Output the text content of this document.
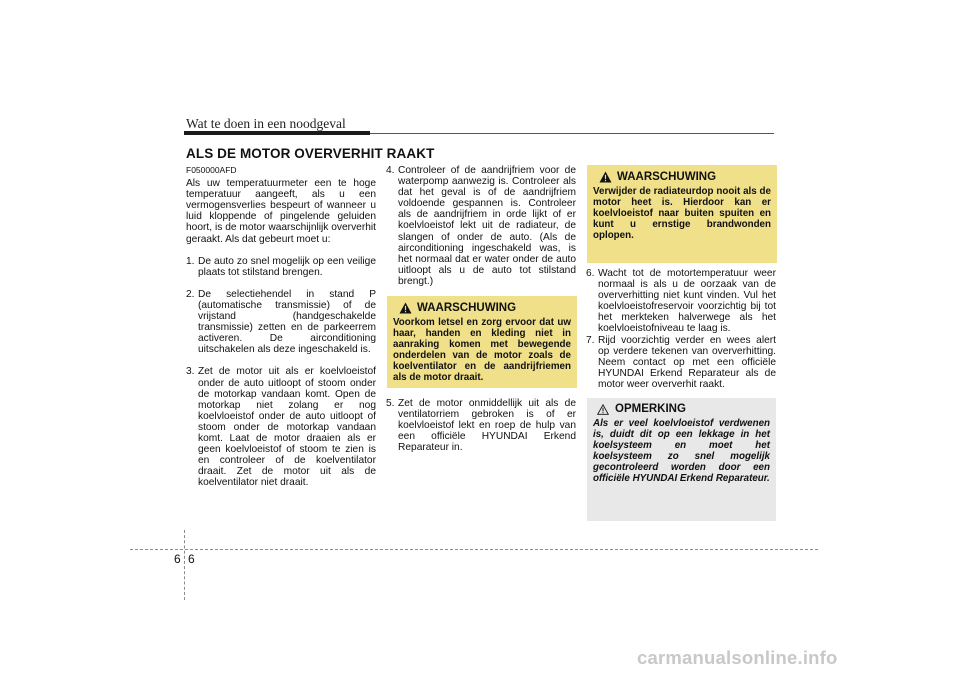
Wat te doen in een noodgeval
ALS DE MOTOR OVERVERHIT RAAKT
F050000AFD

Als uw temperatuurmeter een te hoge temperatuur aangeeft, als u een vermogensverlies bespeurt of wanneer u luid kloppende of pingelende geluiden hoort, is de motor waarschijnlijk oververhit geraakt. Als dat gebeurt moet u:

1. De auto zo snel mogelijk op een veilige plaats tot stilstand brengen.
2. De selectiehendel in stand P (automatische transmissie) of de vrijstand (handgeschakelde transmissie) zetten en de parkeerrem activeren. De airconditioning uitschakelen als deze ingeschakeld is.
3. Zet de motor uit als er koelvloeistof onder de auto uitloopt of stoom onder de motorkap vandaan komt. Open de motorkap niet zolang er nog koelvloeistof onder de auto uitloopt of stoom onder de motorkap vandaan komt. Laat de motor draaien als er geen koelvloeistof of stoom te zien is en controleer of de koelventilator draait. Zet de motor uit als de koelventilator niet draait.
4. Controleer of de aandrijfriem voor de waterpomp aanwezig is. Controleer als dat het geval is of de aandrijfriem voldoende gespannen is. Controleer als de aandrijfriem in orde lijkt of er koelvloeistof lekt uit de radiateur, de slangen of onder de auto. (Als de airconditioning ingeschakeld was, is het normaal dat er water onder de auto uitloopt als u de auto tot stilstand brengt.)
WAARSCHUWING
Voorkom letsel en zorg ervoor dat uw haar, handen en kleding niet in aanraking komen met bewegende onderdelen van de motor zoals de koelventilator en de aandrijfriemen als de motor draait.
5. Zet de motor onmiddellijk uit als de ventilatorriem gebroken is of er koelvloeistof lekt en roep de hulp van een officiële HYUNDAI Erkend Reparateur in.
WAARSCHUWING
Verwijder de radiateurdop nooit als de motor heet is. Hierdoor kan er koelvloeistof naar buiten spuiten en kunt u ernstige brandwonden oplopen.
6. Wacht tot de motortemperatuur weer normaal is als u de oorzaak van de oververhitting niet kunt vinden. Vul het koelvloeistofreservoir voorzichtig bij tot het merkteken halverwege als het koelvloeistofniveau te laag is.
7. Rijd voorzichtig verder en wees alert op verdere tekenen van oververhitting. Neem contact op met een officiële HYUNDAI Erkend Reparateur als de motor weer oververhit raakt.
OPMERKING
Als er veel koelvloeistof verdwenen is, duidt dit op een lekkage in het koelsysteem en moet het koelsysteem zo snel mogelijk gecontroleerd worden door een officiële HYUNDAI Erkend Reparateur.
6 6
carmanualsonline.info
